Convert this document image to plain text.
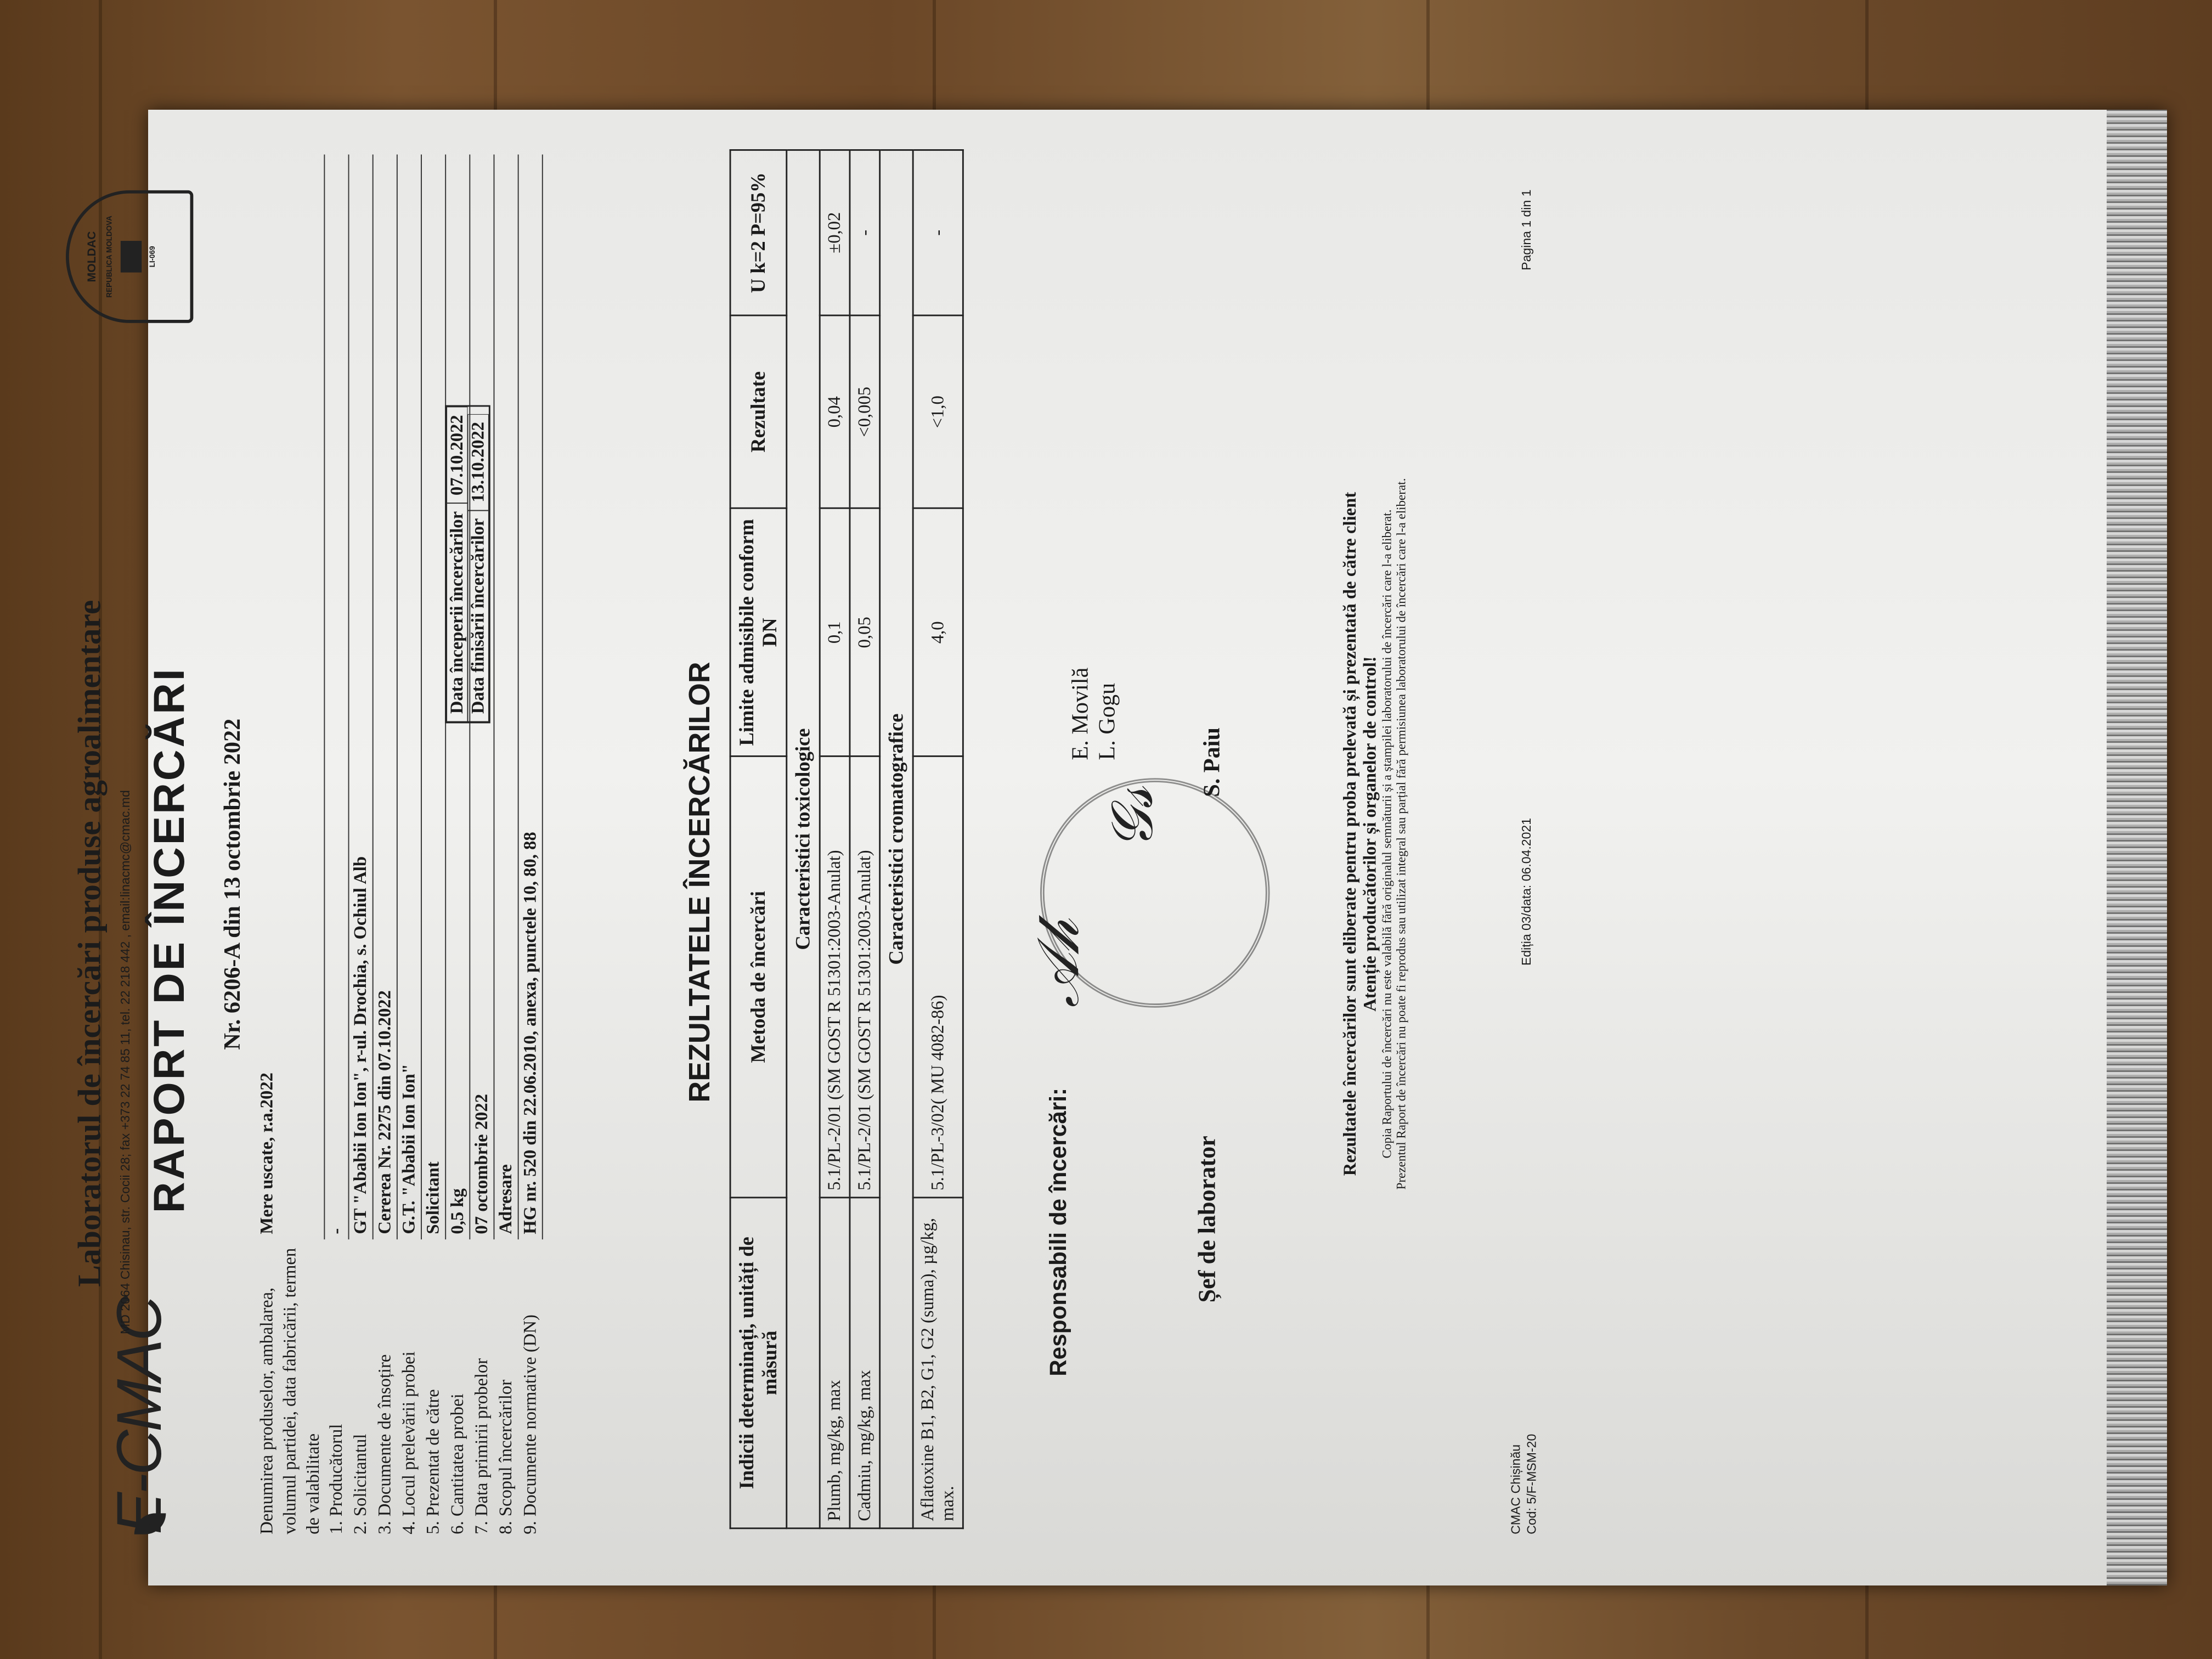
E-CMAC
Laboratorul de încercări produse agroalimentare MD 2064 Chisinau, str. Cocii 28; fax +373 22 74 85 11, tel. 22 218 442 , email:linacmc@cmac.md
MOLDAC REPUBLICA MOLDOVA	LI-069
RAPORT DE ÎNCERCĂRI Nr. 6206-A din 13 octombrie 2022
Denumirea produselor, ambalarea, volumul partidei, data fabricării, termen de valabilitate
Mere uscate, r.a.2022
1. Producătorul
-
2. Solicitantul
GT "Ababii Ion Ion", r-ul. Drochia, s. Ochiul Alb
3. Documente de însoțire
Cererea Nr. 2275 din 07.10.2022
4. Locul prelevării probei
G.T. "Ababii Ion Ion"
5. Prezentat de către
Solicitant
6. Cantitatea probei
0,5 kg
7. Data primirii probelor
07 octombrie 2022
8. Scopul încercărilor
Adresare
9. Documente normative (DN)
HG nr. 520 din 22.06.2010, anexa, punctele 10, 80, 88
Data începerii încercărilor
07.10.2022
Data finisării încercărilor
13.10.2022
REZULTATELE ÎNCERCĂRILOR
Indicii determinați, unități de măsură	Metoda de încercări	Limite admisibile conform DN	Rezultate	U k=2 P=95%
Caracteristici toxicologice				
Plumb, mg/kg, max	5.1/PL-2/01 (SM GOST R 51301:2003-Anulat)	0,1	0,04	±0,02
Cadmiu, mg/kg, max	5.1/PL-2/01 (SM GOST R 51301:2003-Anulat)	0,05	<0,005	-
Caracteristici cromatografice				
Aflatoxine B1, B2, G1, G2 (suma), µg/kg, max.	5.1/PL-3/02( MU 4082-86)	4,0	<1,0	-
Responsabili de încercări:
E. Movilă L. Gogu
𝒜𝒽
𝒢𝓈
Șef de laborator
S. Paiu	Rezultatele încercărilor sunt eliberate pentru proba prelevată și prezentată de către client Atenție producătorilor și organelor de control! Copia Raportului de încercări nu este valabilă fără originalul semnăturii și a ștampilei laboratorului de încercări care l-a eliberat. Prezentul Raport de încercări nu poate fi reprodus sau utilizat integral sau parțial fără permisiunea laboratorului de încercări care l-a eliberat.
CMAC Chișinău Cod: 5/F-MSM-20
Ediția 03/data: 06.04.2021
Pagina 1 din 1
